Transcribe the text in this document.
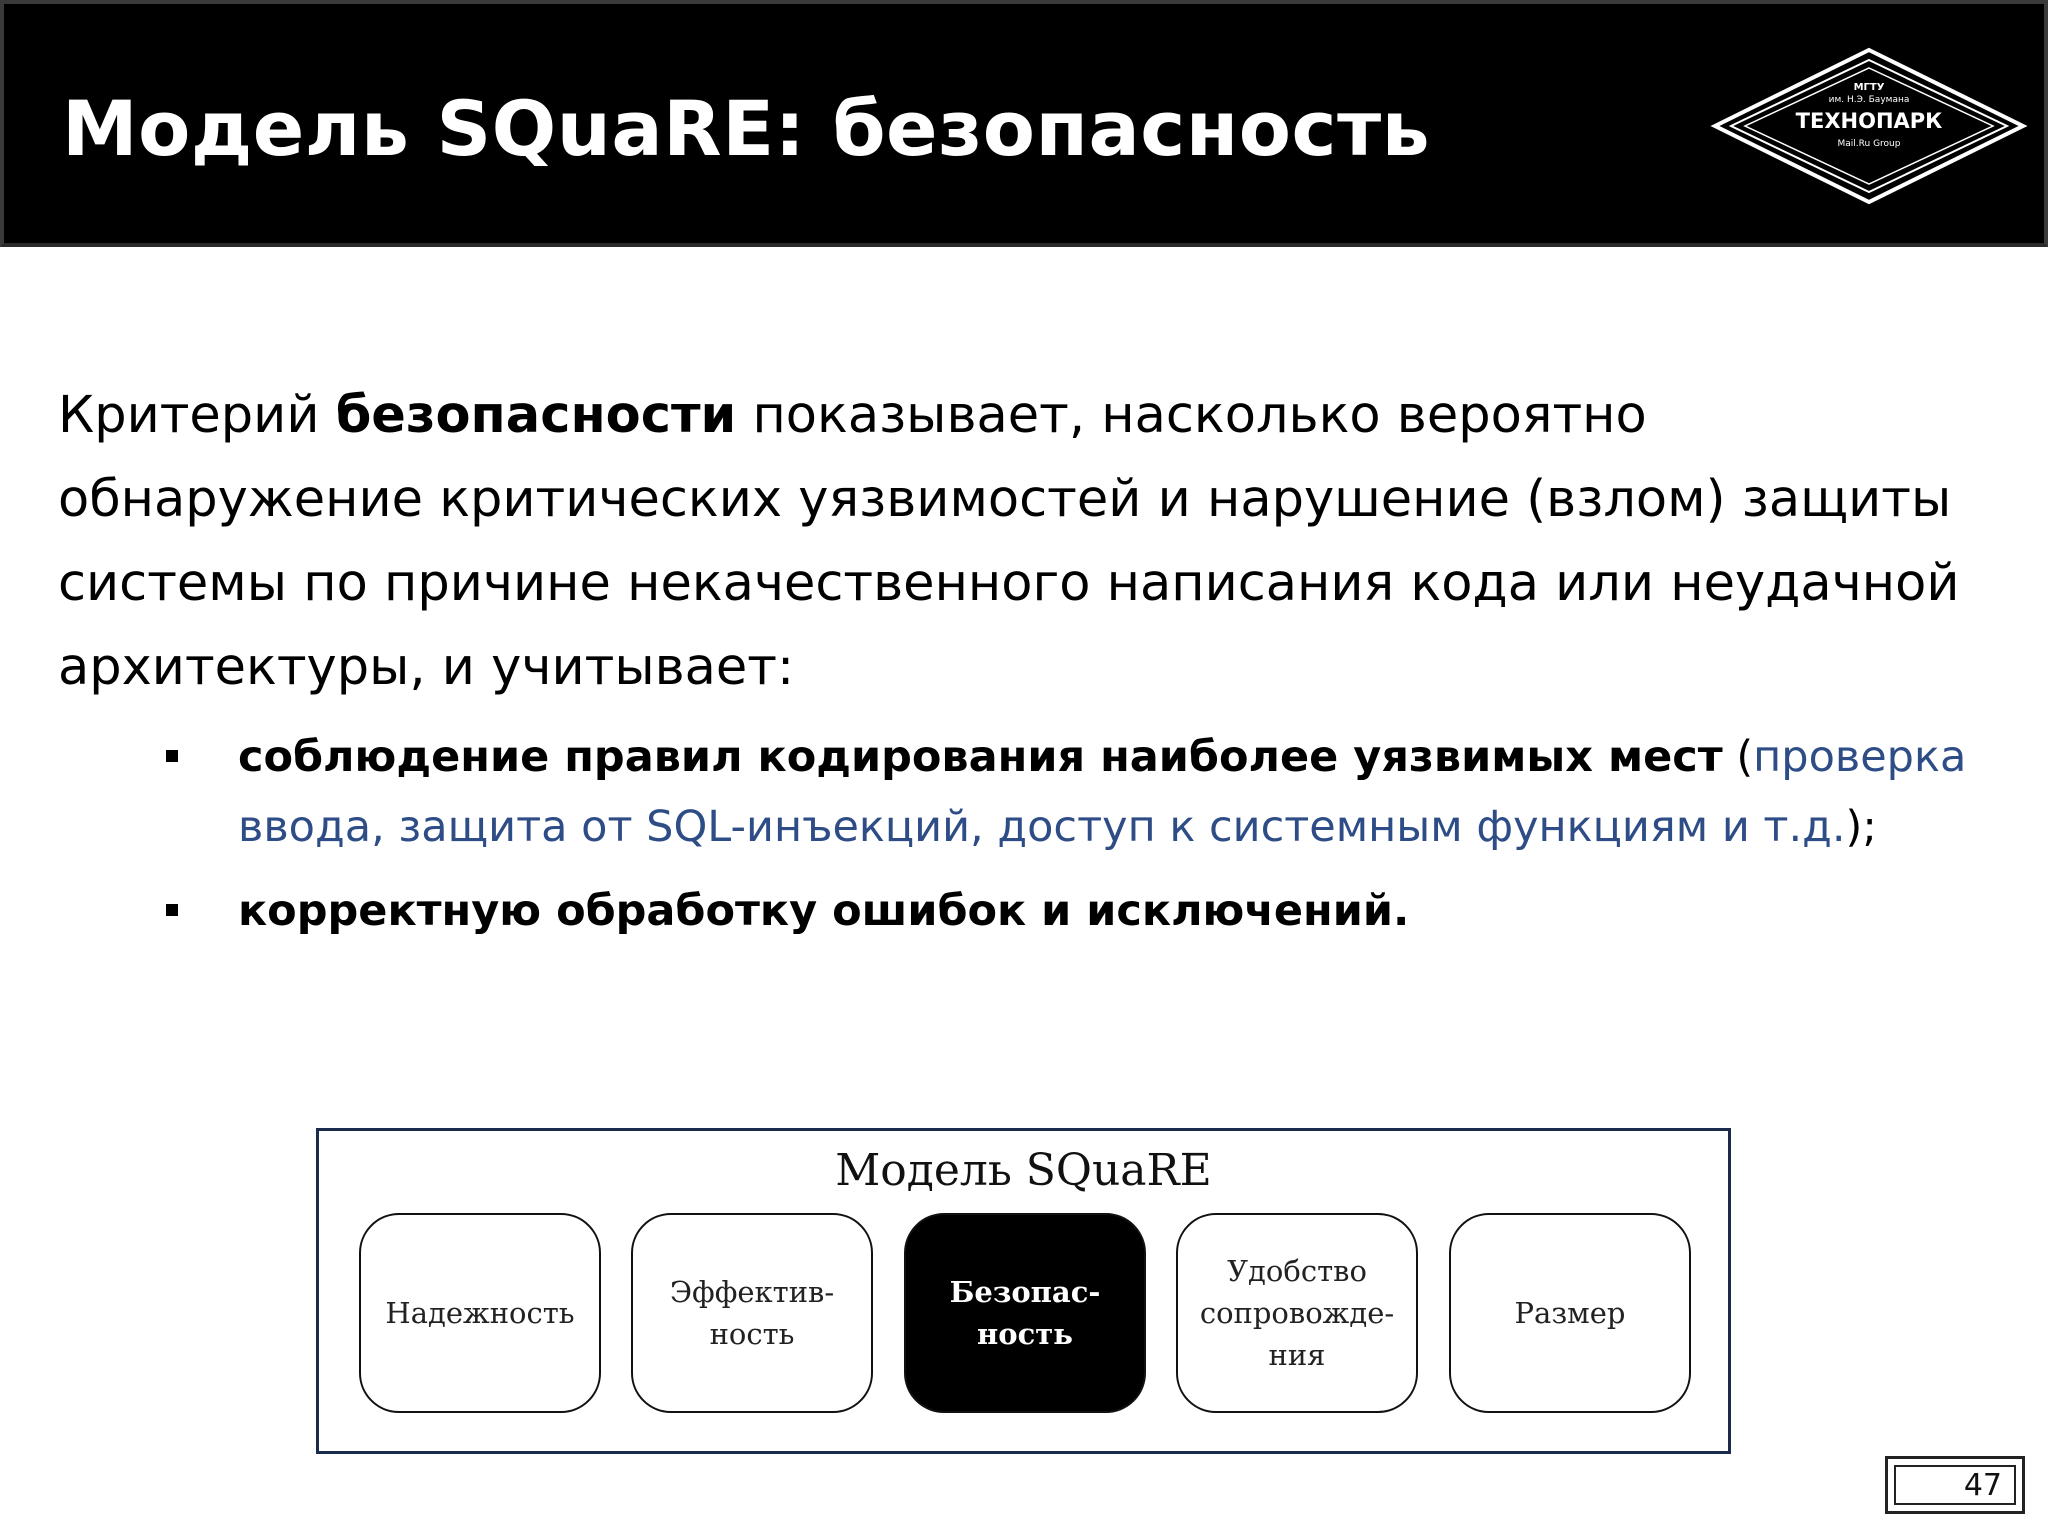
Модель SQuaRE: безопасность	МГТУ
им. Н.Э. Баумана
ТЕХНОПАРК
Mail.Ru Group
Критерий безопасности показывает, насколько вероятно обнаружение критических уязвимостей и нарушение (взлом) защиты системы по причине некачественного написания кода или неудачной архитектуры, и учитывает:
соблюдение правил кодирования наиболее уязвимых мест (проверка ввода, защита от SQL-инъекций, доступ к системным функциям и т.д.);
корректную обработку ошибок и исключений.
Модель SQuaRE
Надежность
Эффектив-
ность
Безопас-
ность
Удобство
сопровожде-
ния
Размер
47
